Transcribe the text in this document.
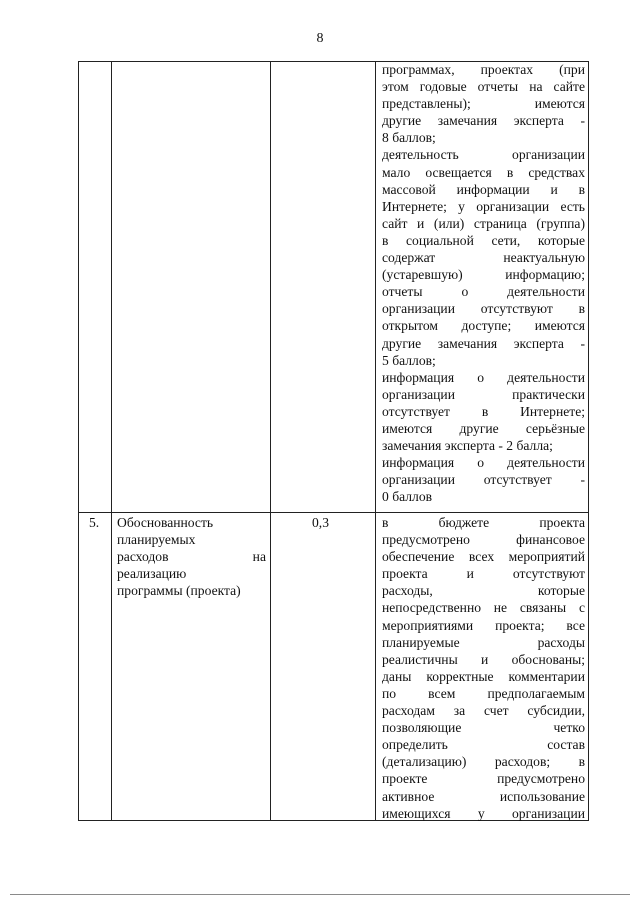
8
программах, проектах (при
этом годовые отчеты на сайте
представлены); имеются
другие замечания эксперта -
8 баллов;
деятельность организации
мало освещается в средствах
массовой информации и в
Интернете; у организации есть
сайт и (или) страница (группа)
в социальной сети, которые
содержат неактуальную
(устаревшую) информацию;
отчеты о деятельности
организации отсутствуют в
открытом доступе; имеются
другие замечания эксперта -
5 баллов;
информация о деятельности
организации практически
отсутствует в Интернете;
имеются другие серьёзные
замечания эксперта - 2 балла;
информация о деятельности
организации отсутствует -
0 баллов
5. Обоснованность
планируемых
расходов на
реализацию
программы (проекта)
0,3	в бюджете проекта
предусмотрено финансовое
обеспечение всех мероприятий
проекта и отсутствуют
расходы, которые
непосредственно не связаны с
мероприятиями проекта; все
планируемые расходы
реалистичны и обоснованы;
даны корректные комментарии
по всем предполагаемым
расходам за счет субсидии,
позволяющие четко
определить состав
(детализацию) расходов; в
проекте предусмотрено
активное использование
имеющихся у организации
